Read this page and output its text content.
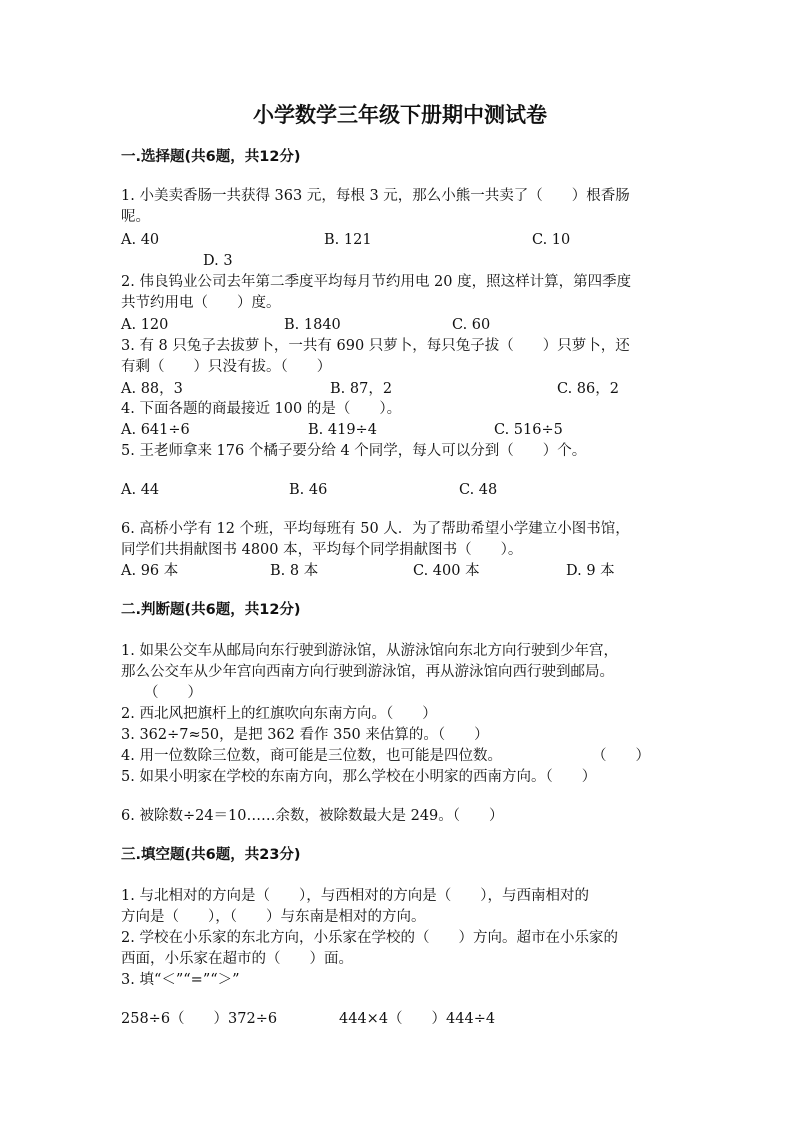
小学数学三年级下册期中测试卷
一.选择题(共6题，共12分)
1. 小美卖香肠一共获得 363 元，每根 3 元，那么小熊一共卖了（　　）根香肠
呢。
A. 40	B. 121	C. 10
D. 3
2. 伟良钨业公司去年第二季度平均每月节约用电 20 度，照这样计算，第四季度
共节约用电（　　）度。
A. 120	B. 1840	C. 60
3. 有 8 只兔子去拔萝卜，一共有 690 只萝卜，每只兔子拔（　　）只萝卜，还
有剩（　　）只没有拔。（　　）
A. 88，3	B. 87，2	C. 86，2
4. 下面各题的商最接近 100 的是（　　）。
A. 641÷6	B. 419÷4	C. 516÷5
5. 王老师拿来 176 个橘子要分给 4 个同学，每人可以分到（　　）个。
A. 44	B. 46	C. 48
6. 高桥小学有 12 个班，平均每班有 50 人．为了帮助希望小学建立小图书馆，
同学们共捐献图书 4800 本，平均每个同学捐献图书（　　）。
A. 96 本	B. 8 本	C. 400 本	D. 9 本
二.判断题(共6题，共12分)
1. 如果公交车从邮局向东行驶到游泳馆，从游泳馆向东北方向行驶到少年宫，
那么公交车从少年宫向西南方向行驶到游泳馆，再从游泳馆向西行驶到邮局。
（　　）
2. 西北风把旗杆上的红旗吹向东南方向。（　　）
3. 362÷7≈50，是把 362 看作 350 来估算的。（　　）
4. 用一位数除三位数，商可能是三位数，也可能是四位数。	（　　）
5. 如果小明家在学校的东南方向，那么学校在小明家的西南方向。（　　）
6. 被除数÷24＝10……余数，被除数最大是 249。（　　）
三.填空题(共6题，共23分)
1. 与北相对的方向是（　　），与西相对的方向是（　　），与西南相对的
方向是（　　），（　　）与东南是相对的方向。
2. 学校在小乐家的东北方向，小乐家在学校的（　　）方向。超市在小乐家的
西面，小乐家在超市的（　　）面。
3. 填“＜”“=”“＞”
258÷6（　　）372÷6	444×4（　　）444÷4
